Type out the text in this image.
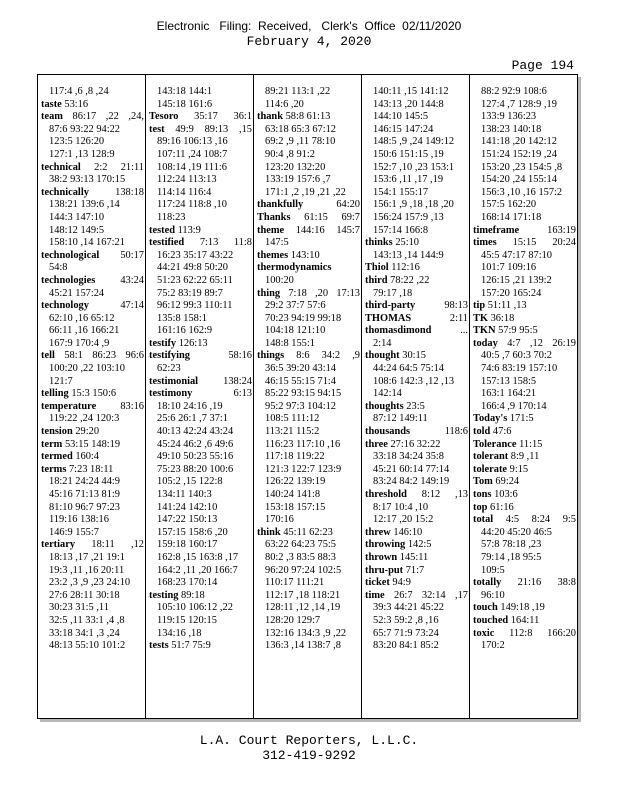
Electronic   Filing:  Received,   Clerk's  Office  02/11/2020
February 4, 2020
Page 194
117:4 ,6 ,8 ,24
taste 53:16
team 86:17 ,22 ,24,
87:6 93:22 94:22
123:5 126:20
127:1 ,13 128:9
technical 2:2 21:11
38:2 93:13 170:15
technically 138:18
138:21 139:6 ,14
144:3 147:10
148:12 149:5
158:10 ,14 167:21
technological 50:17
54:8
technologies 43:24
45:21 157:24
technology 47:14
62:10 ,16 65:12
66:11 ,16 166:21
167:9 170:4 ,9
tell 58:1 86:23 96:6
100:20 ,22 103:10
121:7
telling 15:3 150:6
temperature 83:16
119:22 ,24 120:3
tension 29:20
term 53:15 148:19
termed 160:4
terms 7:23 18:11
18:21 24:24 44:9
45:16 71:13 81:9
81:10 96:7 97:23
119:16 138:16
146:9 155:7
tertiary 18:11 ,12
18:13 ,17 ,21 19:1
19:3 ,11 ,16 20:11
23:2 ,3 ,9 ,23 24:10
27:6 28:11 30:18
30:23 31:5 ,11
32:5 ,11 33:1 ,4 ,8
33:18 34:1 ,3 ,24
48:13 55:10 101:2
143:18 144:1
145:18 161:6
Tesoro 35:17 36:1
test 49:9 89:13 ,15
89:16 106:13 ,16
107:11 ,24 108:7
108:14 ,19 111:6
112:24 113:13
114:14 116:4
117:24 118:8 ,10
118:23
tested 113:9
testified 7:13 11:8
16:23 35:17 43:22
44:21 49:8 50:20
51:23 62:22 65:11
75:2 83:19 89:7
96:12 99:3 110:11
135:8 158:1
161:16 162:9
testify 126:13
testifying 58:16
62:23
testimonial 138:24
testimony 6:13
18:10 24:16 ,19
25:6 26:1 ,7 37:1
40:13 42:24 43:24
45:24 46:2 ,6 49:6
49:10 50:23 55:16
75:23 88:20 100:6
105:2 ,15 122:8
134:11 140:3
141:24 142:10
147:22 150:13
157:15 158:6 ,20
159:18 160:17
162:8 ,15 163:8 ,17
164:2 ,11 ,20 166:7
168:23 170:14
testing 89:18
105:10 106:12 ,22
119:15 120:15
134:16 ,18
tests 51:7 75:9
89:21 113:1 ,22
114:6 ,20
thank 58:8 61:13
63:18 65:3 67:12
69:2 ,9 ,11 78:10
90:4 ,8 91:2
123:20 132:20
133:19 157:6 ,7
171:1 ,2 ,19 ,21 ,22
thankfully 64:20
Thanks 61:15 69:7
theme 144:16 145:7
147:5
themes 143:10
thermodynamics
100:20
thing 7:18 ,20 17:13
29:2 37:7 57:6
70:23 94:19 99:18
104:18 121:10
148:8 155:1
things 8:6 34:2 ,9
36:5 39:20 43:14
46:15 55:15 71:4
85:22 93:15 94:15
95:2 97:3 104:12
108:5 111:12
113:21 115:2
116:23 117:10 ,16
117:18 119:22
121:3 122:7 123:9
126:22 139:19
140:24 141:8
153:18 157:15
170:16
think 45:11 62:23
63:22 64:23 75:5
80:2 ,3 83:5 88:3
96:20 97:24 102:5
110:17 111:21
112:17 ,18 118:21
128:11 ,12 ,14 ,19
128:20 129:7
132:16 134:3 ,9 ,22
136:3 ,14 138:7 ,8
140:11 ,15 141:12
143:13 ,20 144:8
144:10 145:5
146:15 147:24
148:5 ,9 ,24 149:12
150:6 151:15 ,19
152:7 ,10 ,23 153:1
153:6 ,11 ,17 ,19
154:1 155:17
156:1 ,9 ,18 ,18 ,20
156:24 157:9 ,13
157:14 166:8
thinks 25:10
143:13 ,14 144:9
Thiol 112:16
third 78:22 ,22
79:17 ,18
third-party 98:13
THOMAS 2:11
thomasdimond ...
2:14
thought 30:15
44:24 64:5 75:14
108:6 142:3 ,12 ,13
142:14
thoughts 23:5
87:12 149:11
thousands 118:6
three 27:16 32:22
33:18 34:24 35:8
45:21 60:14 77:14
83:24 84:2 149:19
threshold 8:12 ,13
8:17 10:4 ,10
12:17 ,20 15:2
threw 146:10
throwing 142:5
thrown 145:11
thru-put 71:7
ticket 94:9
time 26:7 32:14 ,17
39:3 44:21 45:22
52:3 59:2 ,8 ,16
65:7 71:9 73:24
83:20 84:1 85:2
88:2 92:9 108:6
127:4 ,7 128:9 ,19
133:9 136:23
138:23 140:18
141:18 ,20 142:12
151:24 152:19 ,24
153:20 ,23 154:5 ,8
154:20 ,24 155:14
156:3 ,10 ,16 157:2
157:5 162:20
168:14 171:18
timeframe 163:19
times 15:15 20:24
45:5 47:17 87:10
101:7 109:16
126:15 ,21 139:2
157:20 165:24
tip 51:11 ,13
TK 36:18
TKN 57:9 95:5
today 4:7 ,12 26:19
40:5 ,7 60:3 70:2
74:6 83:19 157:10
157:13 158:5
163:1 164:21
166:4 ,9 170:14
Today's 171:5
told 47:6
Tolerance 11:15
tolerant 8:9 ,11
tolerate 9:15
Tom 69:24
tons 103:6
top 61:16
total 4:5 8:24 9:5
44:20 45:20 46:5
57:8 78:18 ,23
79:14 ,18 95:5
109:5
totally 21:16 38:8
96:10
touch 149:18 ,19
touched 164:11
toxic 112:8 166:20
170:2
L.A. Court Reporters, L.L.C.
312-419-9292
